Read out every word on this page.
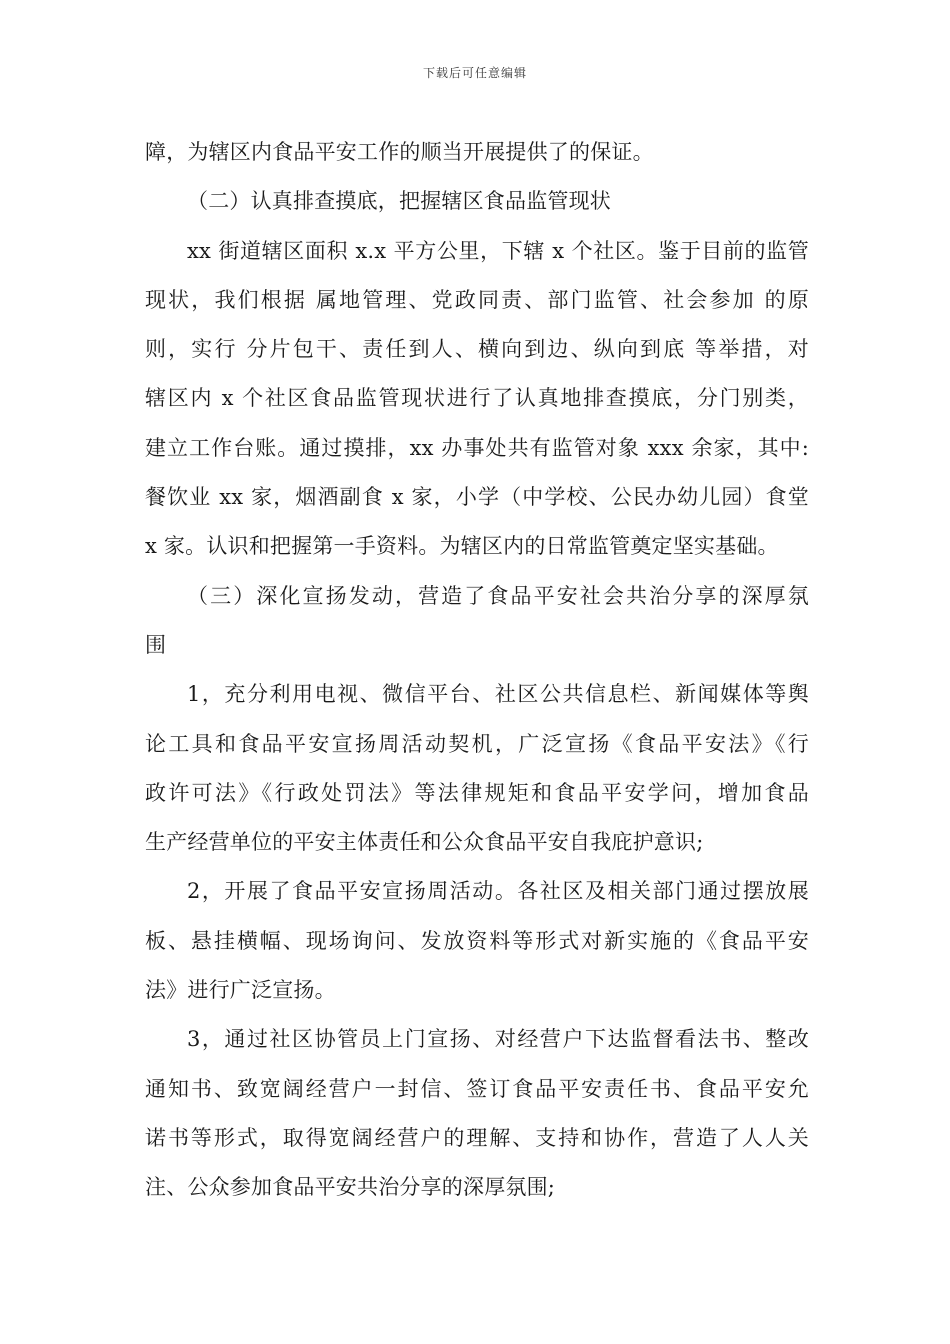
下载后可任意编辑
障，为辖区内食品平安工作的顺当开展提供了的保证。
（二）认真排查摸底，把握辖区食品监管现状
xx 街道辖区面积 x.x 平方公里，下辖 x 个社区。鉴于目前的监管
现状，我们根据 属地管理、党政同责、部门监管、社会参加 的原
则，实行 分片包干、责任到人、横向到边、纵向到底 等举措，对
辖区内 x 个社区食品监管现状进行了认真地排查摸底，分门别类，
建立工作台账。通过摸排，xx 办事处共有监管对象 xxx 余家，其中:
餐饮业 xx 家，烟酒副食 x 家，小学（中学校、公民办幼儿园）食堂
x 家。认识和把握第一手资料。为辖区内的日常监管奠定坚实基础。
（三）深化宣扬发动，营造了食品平安社会共治分享的深厚氛
围
1，充分利用电视、微信平台、社区公共信息栏、新闻媒体等舆
论工具和食品平安宣扬周活动契机，广泛宣扬《食品平安法》《行
政许可法》《行政处罚法》等法律规矩和食品平安学问，增加食品
生产经营单位的平安主体责任和公众食品平安自我庇护意识;
2，开展了食品平安宣扬周活动。各社区及相关部门通过摆放展
板、悬挂横幅、现场询问、发放资料等形式对新实施的《食品平安
法》进行广泛宣扬。
3，通过社区协管员上门宣扬、对经营户下达监督看法书、整改
通知书、致宽阔经营户一封信、签订食品平安责任书、食品平安允
诺书等形式，取得宽阔经营户的理解、支持和协作，营造了人人关
注、公众参加食品平安共治分享的深厚氛围;
